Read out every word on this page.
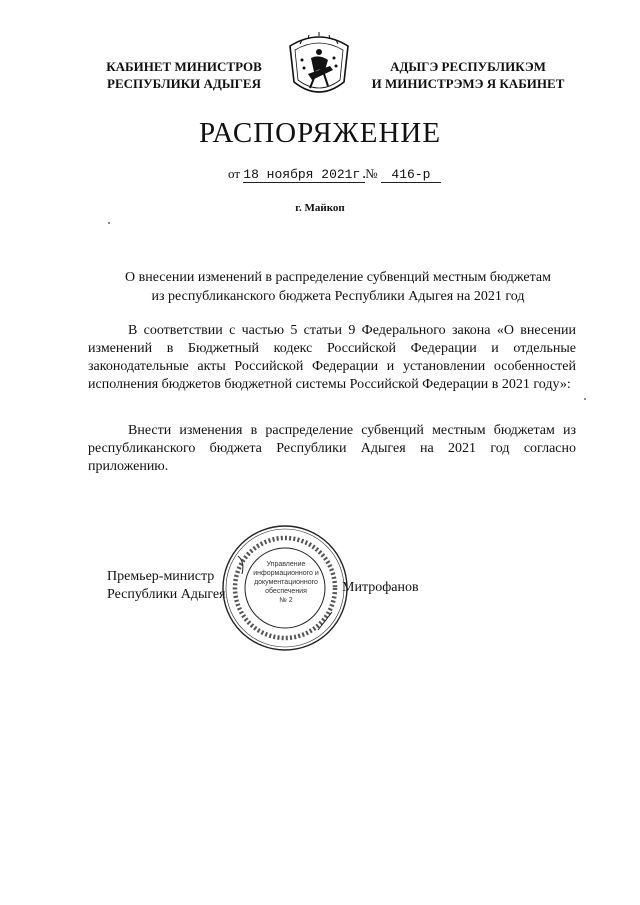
КАБИНЕТ МИНИСТРОВ
РЕСПУБЛИКИ АДЫГЕЯ
АДЫГЭ РЕСПУБЛИКЭМ
И МИНИСТРЭМЭ Я КАБИНЕТ
РАСПОРЯЖЕНИЕ
от 18 ноября 2021г.№ 416-р
г. Майкоп
О внесении изменений в распределение субвенций местным бюджетам
из республиканского бюджета Республики Адыгея на 2021 год
В соответствии с частью 5 статьи 9 Федерального закона «О внесении изменений в Бюджетный кодекс Российской Федерации и отдельные законодательные акты Российской Федерации и установлении особенностей исполнения бюджетов бюджетной системы Российской Федерации в 2021 году»:
Внести изменения в распределение субвенций местным бюджетам из республиканского бюджета Республики Адыгея на 2021 год согласно приложению.
Премьер-министр
Республики Адыгея	Митрофанов
Управление
информационного и
документационного
обеспечения
№ 2
